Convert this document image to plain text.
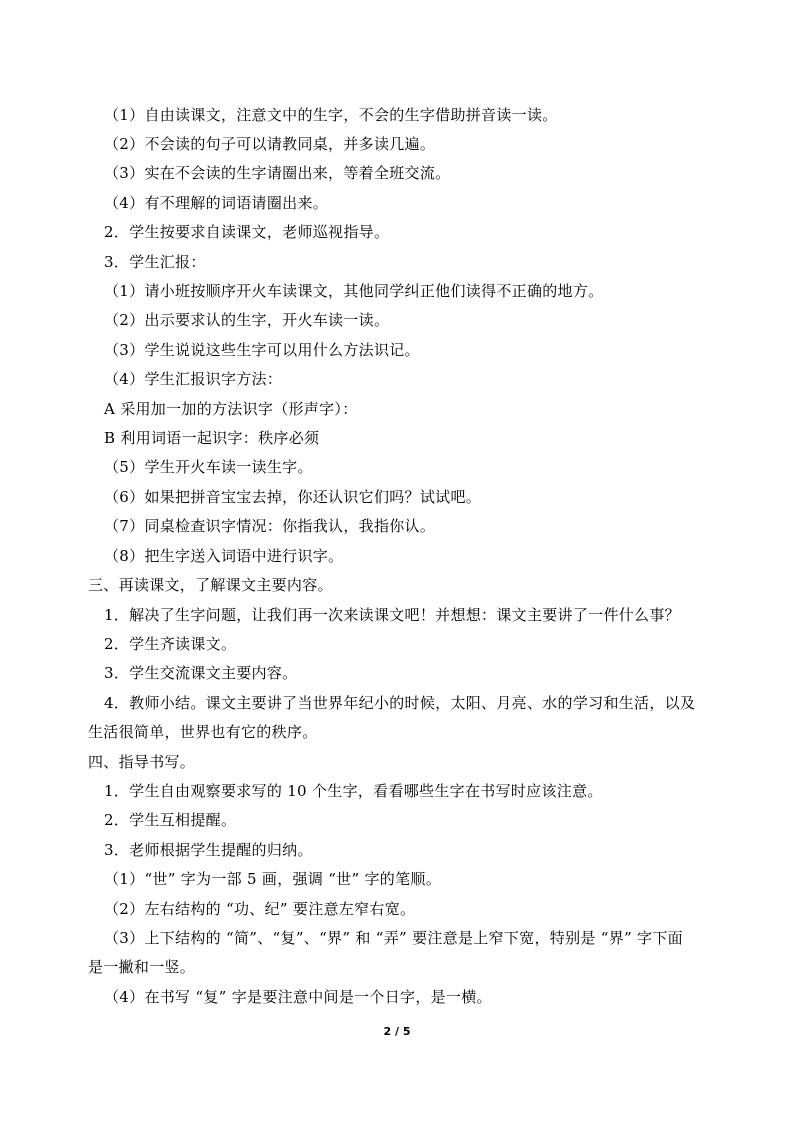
（1）自由读课文，注意文中的生字，不会的生字借助拼音读一读。
（2）不会读的句子可以请教同桌，并多读几遍。
（3）实在不会读的生字请圈出来，等着全班交流。
（4）有不理解的词语请圈出来。
2．学生按要求自读课文，老师巡视指导。
3．学生汇报：
（1）请小班按顺序开火车读课文，其他同学纠正他们读得不正确的地方。
（2）出示要求认的生字，开火车读一读。
（3）学生说说这些生字可以用什么方法识记。
（4）学生汇报识字方法：
A 采用加一加的方法识字（形声字）：
B 利用词语一起识字：秩序必须
（5）学生开火车读一读生字。
（6）如果把拼音宝宝去掉，你还认识它们吗？试试吧。
（7）同桌检查识字情况：你指我认，我指你认。
（8）把生字送入词语中进行识字。
三、再读课文，了解课文主要内容。
1．解决了生字问题，让我们再一次来读课文吧！并想想：课文主要讲了一件什么事？
2．学生齐读课文。
3．学生交流课文主要内容。
4．教师小结。课文主要讲了当世界年纪小的时候，太阳、月亮、水的学习和生活，以及
生活很简单，世界也有它的秩序。
四、指导书写。
1．学生自由观察要求写的 10 个生字，看看哪些生字在书写时应该注意。
2．学生互相提醒。
3．老师根据学生提醒的归纳。
（1）“世” 字为一部 5 画，强调 “世” 字的笔顺。
（2）左右结构的 “功、纪” 要注意左窄右宽。
（3）上下结构的 “简”、“复”、“界” 和 “弄” 要注意是上窄下宽，特别是 “界” 字下面
是一撇和一竖。
（4）在书写 “复” 字是要注意中间是一个日字，是一横。
2 / 5
